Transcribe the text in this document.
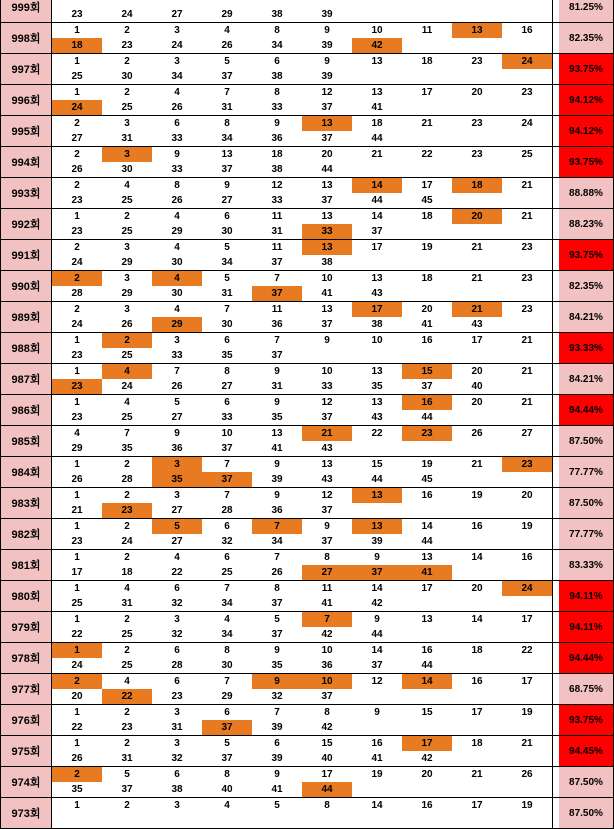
999회
23	24	27	29	38	39
81.25%
998회
1	2	3	4	8	9	10	11	13	16
18	23	24	26	34	39	42
82.35%
997회
1	2	3	5	6	9	13	18	23	24
25	30	34	37	38	39
93.75%
996회
1	2	4	7	8	12	13	17	20	23
24	25	26	31	33	37	41
94.12%
995회
2	3	6	8	9	13	18	21	23	24
27	31	33	34	36	37	44
94.12%
994회
2	3	9	13	18	20	21	22	23	25
26	30	33	37	38	44
93.75%
993회
2	4	8	9	12	13	14	17	18	21
23	25	26	27	33	37	44	45
88.88%
992회
1	2	4	6	11	13	14	18	20	21
23	25	29	30	31	33	37
88.23%
991회
2	3	4	5	11	13	17	19	21	23
24	29	30	34	37	38
93.75%
990회
2	3	4	5	7	10	13	18	21	23
28	29	30	31	37	41	43
82.35%
989회
2	3	4	7	11	13	17	20	21	23
24	26	29	30	36	37	38	41	43
84.21%
988회
1	2	3	6	7	9	10	16	17	21
23	25	33	35	37
93.33%
987회
1	4	7	8	9	10	13	15	20	21
23	24	26	27	31	33	35	37	40
84.21%
986회
1	4	5	6	9	12	13	16	20	21
23	25	27	33	35	37	43	44
94.44%
985회
4	7	9	10	13	21	22	23	26	27
29	35	36	37	41	43
87.50%
984회
1	2	3	7	9	13	15	19	21	23
26	28	35	37	39	43	44	45
77.77%
983회
1	2	3	7	9	12	13	16	19	20
21	23	27	28	36	37
87.50%
982회
1	2	5	6	7	9	13	14	16	19
23	24	27	32	34	37	39	44
77.77%
981회
1	2	4	6	7	8	9	13	14	16
17	18	22	25	26	27	37	41
83.33%
980회
1	4	6	7	8	11	14	17	20	24
25	31	32	34	37	41	42
94.11%
979회
1	2	3	4	5	7	9	13	14	17
22	25	32	34	37	42	44
94.11%
978회
1	2	6	8	9	10	14	16	18	22
24	25	28	30	35	36	37	44
94.44%
977회
2	4	6	7	9	10	12	14	16	17
20	22	23	29	32	37
68.75%
976회
1	2	3	6	7	8	9	15	17	19
22	23	31	37	39	42
93.75%
975회
1	2	3	5	6	15	16	17	18	21
26	31	32	37	39	40	41	42
94.45%
974회
2	5	6	8	9	17	19	20	21	26
35	37	38	40	41	44
87.50%
973회
1	2	3	4	5	8	14	16	17	19
87.50%
